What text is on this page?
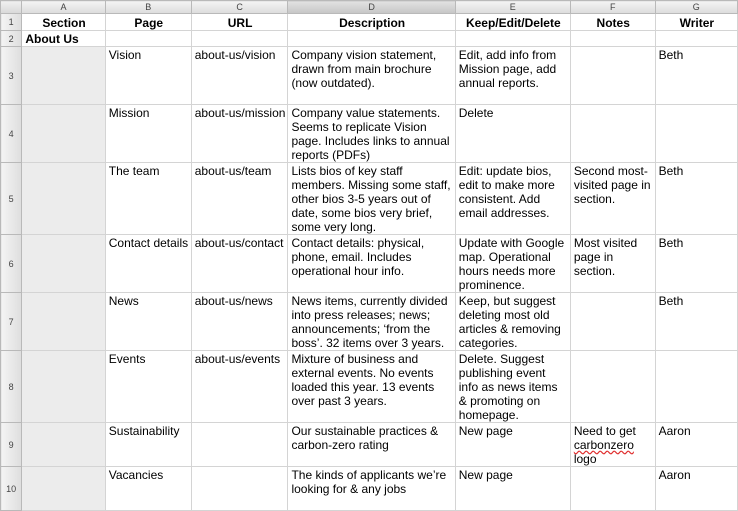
	A	B	C	D	E	F	G
1	Section	Page	URL	Description	Keep/Edit/Delete	Notes	Writer
2	About Us						
3		Vision	about-us/vision	Company vision statement, drawn from main brochure (now outdated).	Edit, add info from Mission page, add annual reports.		Beth
4		Mission	about-us/mission	Company value statements. Seems to replicate Vision page. Includes links to annual reports (PDFs)	Delete		
5		The team	about-us/team	Lists bios of key staff members. Missing some staff, other bios 3-5 years out of date, some bios very brief, some very long.	Edit: update bios, edit to make more consistent. Add email addresses.	Second most-visited page in section.	Beth
6		Contact details	about-us/contact	Contact details: physical, phone, email. Includes operational hour info.	Update with Google map. Operational hours needs more prominence.	Most visited page in section.	Beth
7		News	about-us/news	News items, currently divided into press releases; news; announcements; ‘from the boss’. 32 items over 3 years.	Keep, but suggest deleting most old articles & removing categories.		Beth
8		Events	about-us/events	Mixture of business and external events. No events loaded this year. 13 events over past 3 years.	Delete. Suggest publishing event info as news items & promoting on homepage.		
9		Sustainability		Our sustainable practices & carbon-zero rating	New page	Need to get carbonzero logo	Aaron
10		Vacancies		The kinds of applicants we’re looking for & any jobs	New page		Aaron
